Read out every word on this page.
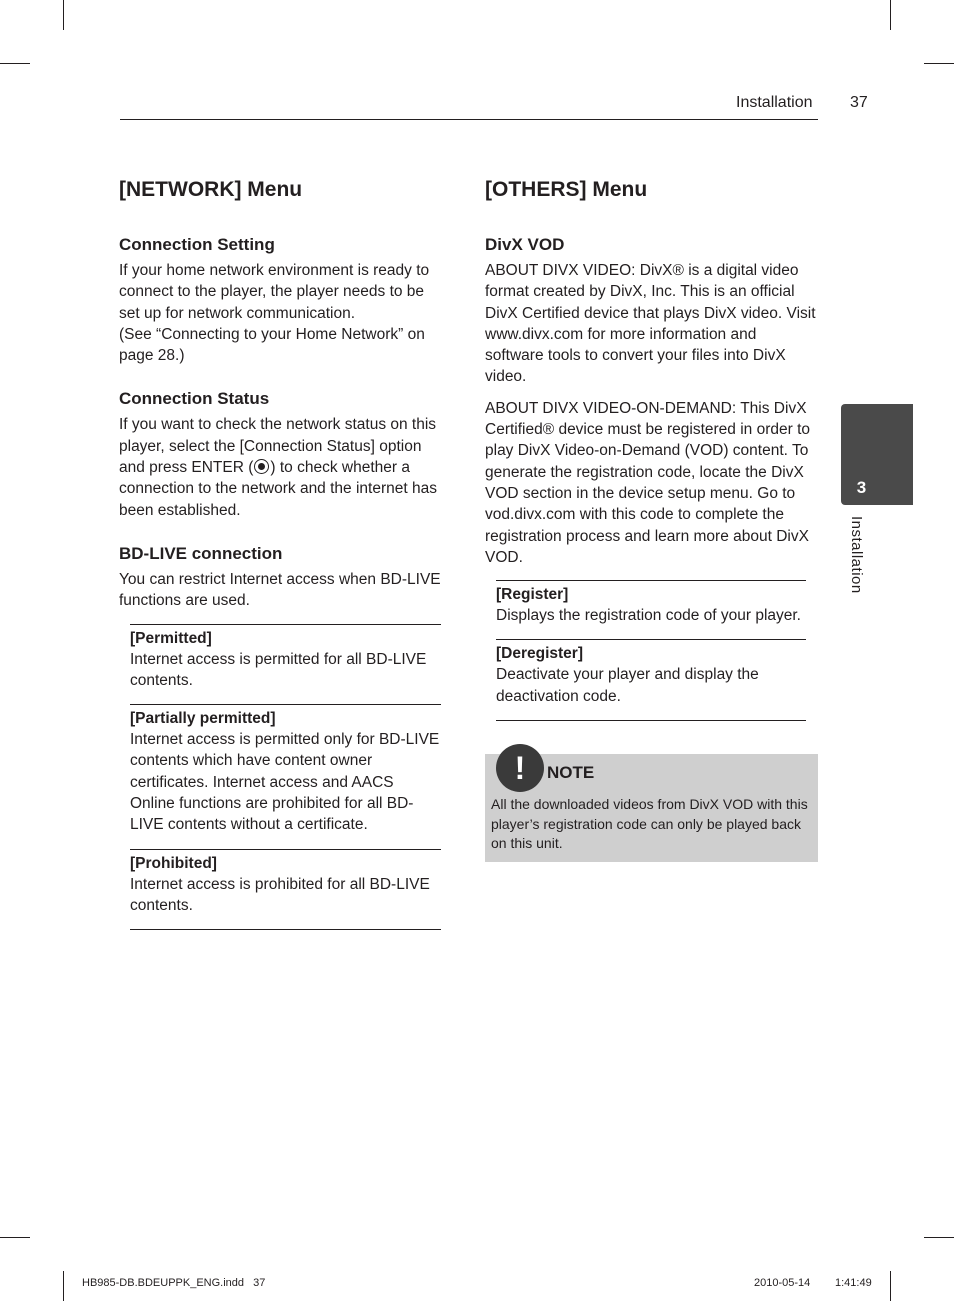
Installation 37
[NETWORK] Menu
Connection Setting

If your home network environment is ready to connect to the player, the player needs to be set up for network communication.

(See “Connecting to your Home Network” on page 28.)

Connection Status

If you want to check the network status on this player, select the [Connection Status] option and press ENTER ( ) to check whether a connection to the network and the internet has been established.

BD-LIVE connection

You can restrict Internet access when BD-LIVE functions are used.

[Permitted]
Internet access is permitted for all BD-LIVE contents.
[Partially permitted]
Internet access is permitted only for BD-LIVE contents which have content owner certificates. Internet access and AACS Online functions are prohibited for all BD-LIVE contents without a certificate.
[Prohibited]
Internet access is prohibited for all BD-LIVE contents.
[OTHERS] Menu
DivX VOD

ABOUT DIVX VIDEO: DivX® is a digital video format created by DivX, Inc. This is an official DivX Certified device that plays DivX video. Visit www.divx.com for more information and software tools to convert your files into DivX video.

ABOUT DIVX VIDEO-ON-DEMAND: This DivX Certified® device must be registered in order to play DivX Video-on-Demand (VOD) content. To generate the registration code, locate the DivX VOD section in the device setup menu. Go to vod.divx.com with this code to complete the registration process and learn more about DivX VOD.

[Register]
Displays the registration code of your player.
[Deregister]
Deactivate your player and display the deactivation code.
!	NOTE
All the downloaded videos from DivX VOD with this player’s registration code can only be played back on this unit.
3
Installation
HB985-DB.BDEUPPK_ENG.indd   37	2010-05-14 1:41:49
